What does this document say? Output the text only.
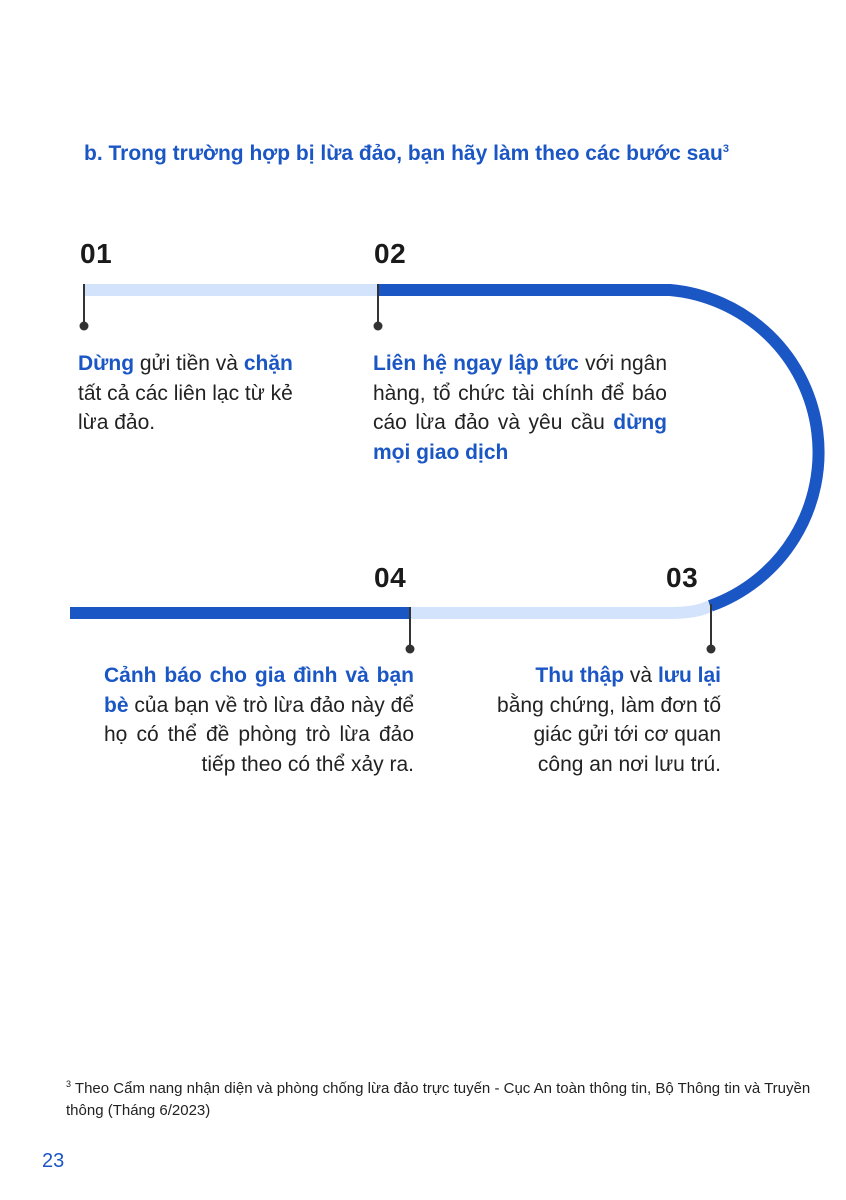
b. Trong trường hợp bị lừa đảo, bạn hãy làm theo các bước sau$^3$
01	02
03
04
Dừng gửi tiền và chặn tất cả các liên lạc từ kẻ lừa đảo.
Liên hệ ngay lập tức với ngân hàng, tổ chức tài chính để báo cáo lừa đảo và yêu cầu dừng mọi giao dịch
Thu thập và lưu lại bằng chứng, làm đơn tố giác gửi tới cơ quan công an nơi lưu trú.
Cảnh báo cho gia đình và bạn bè của bạn về trò lừa đảo này để họ có thể đề phòng trò lừa đảo tiếp theo có thể xảy ra.
$^3$ Theo Cẩm nang nhận diện và phòng chống lừa đảo trực tuyến - Cục An toàn thông tin, Bộ Thông tin và Truyền thông (Tháng 6/2023)
23
